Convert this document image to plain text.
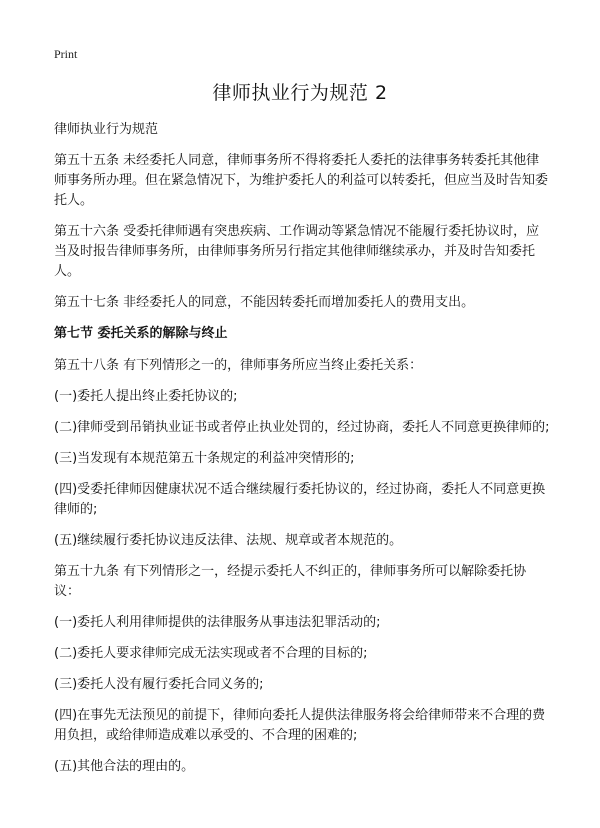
Print
律师执业行为规范 2

律师执业行为规范

第五十五条 未经委托人同意，律师事务所不得将委托人委托的法律事务转委托其他律师事务所办理。但在紧急情况下，为维护委托人的利益可以转委托，但应当及时告知委托人。

第五十六条 受委托律师遇有突患疾病、工作调动等紧急情况不能履行委托协议时，应当及时报告律师事务所，由律师事务所另行指定其他律师继续承办，并及时告知委托人。

第五十七条 非经委托人的同意，不能因转委托而增加委托人的费用支出。

第七节 委托关系的解除与终止

第五十八条 有下列情形之一的，律师事务所应当终止委托关系：

(一)委托人提出终止委托协议的;

(二)律师受到吊销执业证书或者停止执业处罚的，经过协商，委托人不同意更换律师的;

(三)当发现有本规范第五十条规定的利益冲突情形的;

(四)受委托律师因健康状况不适合继续履行委托协议的，经过协商，委托人不同意更换律师的;

(五)继续履行委托协议违反法律、法规、规章或者本规范的。

第五十九条 有下列情形之一，经提示委托人不纠正的，律师事务所可以解除委托协议：

(一)委托人利用律师提供的法律服务从事违法犯罪活动的;

(二)委托人要求律师完成无法实现或者不合理的目标的;

(三)委托人没有履行委托合同义务的;

(四)在事先无法预见的前提下，律师向委托人提供法律服务将会给律师带来不合理的费用负担，或给律师造成难以承受的、不合理的困难的;

(五)其他合法的理由的。
